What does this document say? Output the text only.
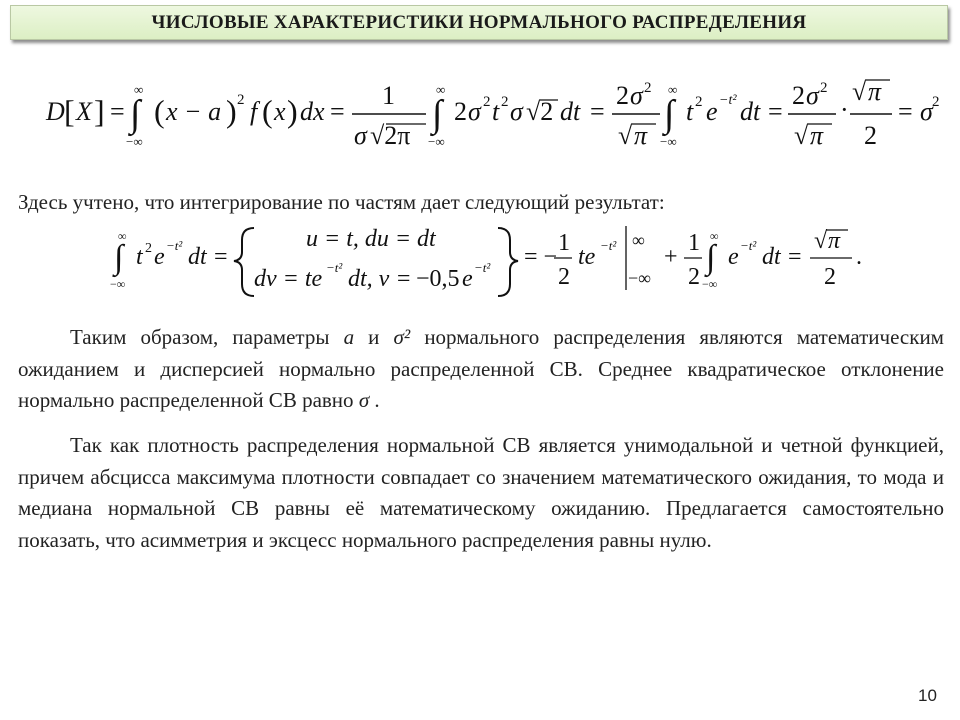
ЧИСЛОВЫЕ ХАРАКТЕРИСТИКИ НОРМАЛЬНОГО РАСПРЕДЕЛЕНИЯ
D [ X ] = ∫
∞
−∞
( x − a ) 2 f ( x ) dx =
1
σ √2π
∫
∞
−∞
2 σ 2 t 2 σ √2 dt =
2 σ 2
√ π
∫
∞
−∞
t 2 e −t² dt =
2 σ 2
√ π
·
√ π
2
= σ 2
Здесь учтено, что интегрирование по частям дает следующий результат:
∫
∞
−∞
t 2 e −t² dt =
u = t, du = dt
dv = te −t² dt, v = −0,5 e −t² = −
1
2
te −t² ∞
−∞
+
1
2
∫
∞
−∞
e −t² dt =
√ π
2
.
Таким образом, параметры a и σ² нормального распределения являются математическим ожиданием и дисперсией нормально распределенной СВ. Среднее квадратическое отклонение нормально распределенной СВ равно σ .
Так как плотность распределения нормальной СВ является унимодальной и четной функцией, причем абсцисса максимума плотности совпадает со значением математического ожидания, то мода и медиана нормальной СВ равны её математическому ожиданию. Предлагается самостоятельно показать, что асимметрия и эксцесс нормального распределения равны нулю.
10
